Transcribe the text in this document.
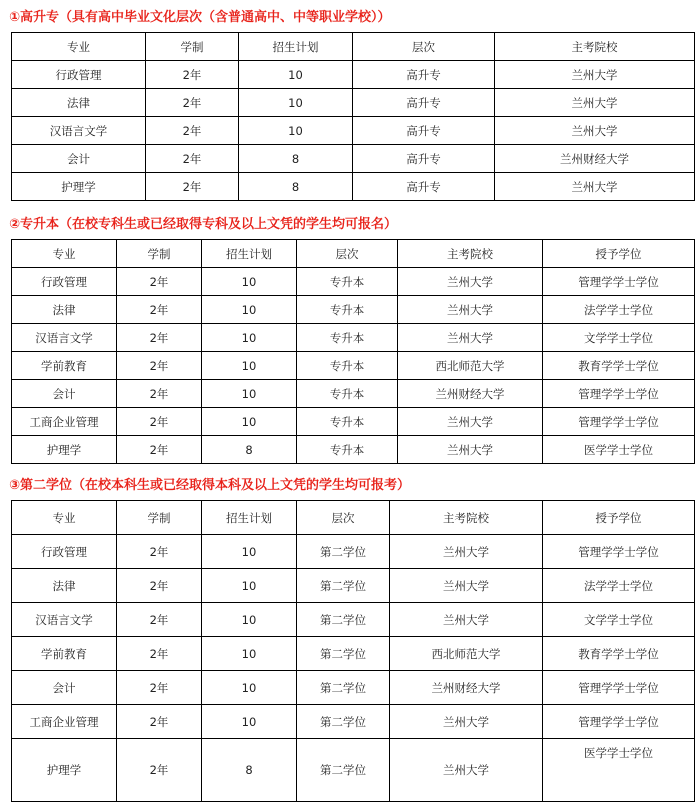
①高升专（具有高中毕业文化层次（含普通高中、中等职业学校））
专业	学制	招生计划	层次	主考院校
行政管理	2年	10	高升专	兰州大学
法律	2年	10	高升专	兰州大学
汉语言文学	2年	10	高升专	兰州大学
会计	2年	8	高升专	兰州财经大学
护理学	2年	8	高升专	兰州大学
②专升本（在校专科生或已经取得专科及以上文凭的学生均可报名）
专业	学制	招生计划	层次	主考院校	授予学位
行政管理	2年	10	专升本	兰州大学	管理学学士学位
法律	2年	10	专升本	兰州大学	法学学士学位
汉语言文学	2年	10	专升本	兰州大学	文学学士学位
学前教育	2年	10	专升本	西北师范大学	教育学学士学位
会计	2年	10	专升本	兰州财经大学	管理学学士学位
工商企业管理	2年	10	专升本	兰州大学	管理学学士学位
护理学	2年	8	专升本	兰州大学	医学学士学位
③第二学位（在校本科生或已经取得本科及以上文凭的学生均可报考）
专业	学制	招生计划	层次	主考院校	授予学位
行政管理	2年	10	第二学位	兰州大学	管理学学士学位
法律	2年	10	第二学位	兰州大学	法学学士学位
汉语言文学	2年	10	第二学位	兰州大学	文学学士学位
学前教育	2年	10	第二学位	西北师范大学	教育学学士学位
会计	2年	10	第二学位	兰州财经大学	管理学学士学位
工商企业管理	2年	10	第二学位	兰州大学	管理学学士学位
护理学	2年	8	第二学位	兰州大学	医学学士学位
